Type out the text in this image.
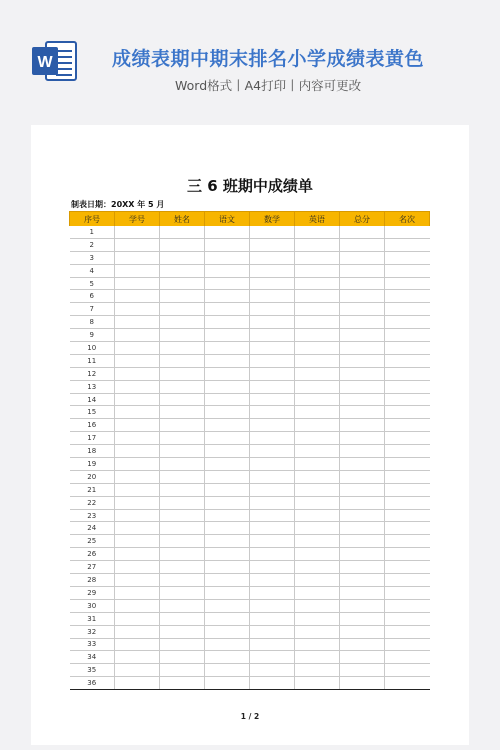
W	成绩表期中期末排名小学成绩表黄色
Word格式丨A4打印丨内容可更改
三 6 班期中成绩单
制表日期：20XX 年 5 月
序号	学号	姓名	语文	数学	英语	总分	名次
1							
2							
3							
4							
5							
6							
7							
8							
9							
10							
11							
12							
13							
14							
15							
16							
17							
18							
19							
20							
21							
22							
23							
24							
25							
26							
27							
28							
29							
30							
31							
32							
33							
34							
35							
36							
1 / 2
